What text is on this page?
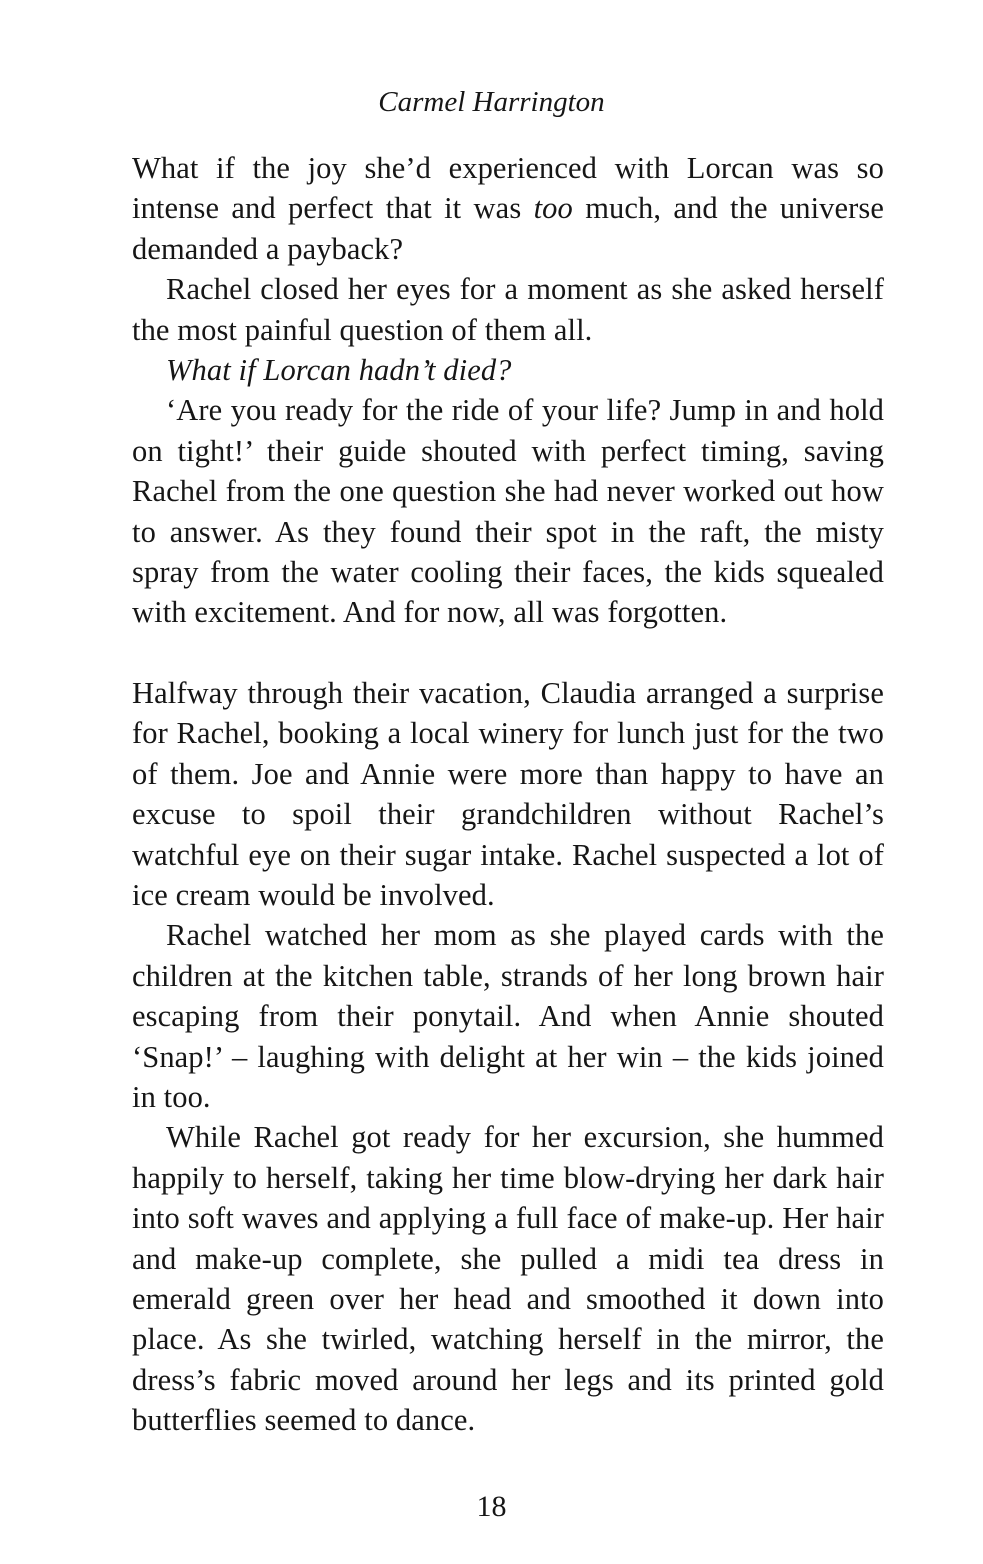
Carmel Harrington

What if the joy she’d experienced with Lorcan was so intense and perfect that it was too much, and the universe demanded a payback?

Rachel closed her eyes for a moment as she asked herself the most painful question of them all.

What if Lorcan hadn’t died?

‘Are you ready for the ride of your life? Jump in and hold on tight!’ their guide shouted with perfect timing, saving Rachel from the one question she had never worked out how to answer. As they found their spot in the raft, the misty spray from the water cooling their faces, the kids squealed with excitement. And for now, all was forgotten.

Halfway through their vacation, Claudia arranged a surprise for Rachel, booking a local winery for lunch just for the two of them. Joe and Annie were more than happy to have an excuse to spoil their grandchildren without Rachel’s watchful eye on their sugar intake. Rachel suspected a lot of ice cream would be involved.

Rachel watched her mom as she played cards with the children at the kitchen table, strands of her long brown hair escaping from their ponytail. And when Annie shouted ‘Snap!’ – laughing with delight at her win – the kids joined in too.

While Rachel got ready for her excursion, she hummed happily to herself, taking her time blow-drying her dark hair into soft waves and applying a full face of make-up. Her hair and make-up complete, she pulled a midi tea dress in emerald green over her head and smoothed it down into place. As she twirled, watching herself in the mirror, the dress’s fabric moved around her legs and its printed gold butterflies seemed to dance.

18
